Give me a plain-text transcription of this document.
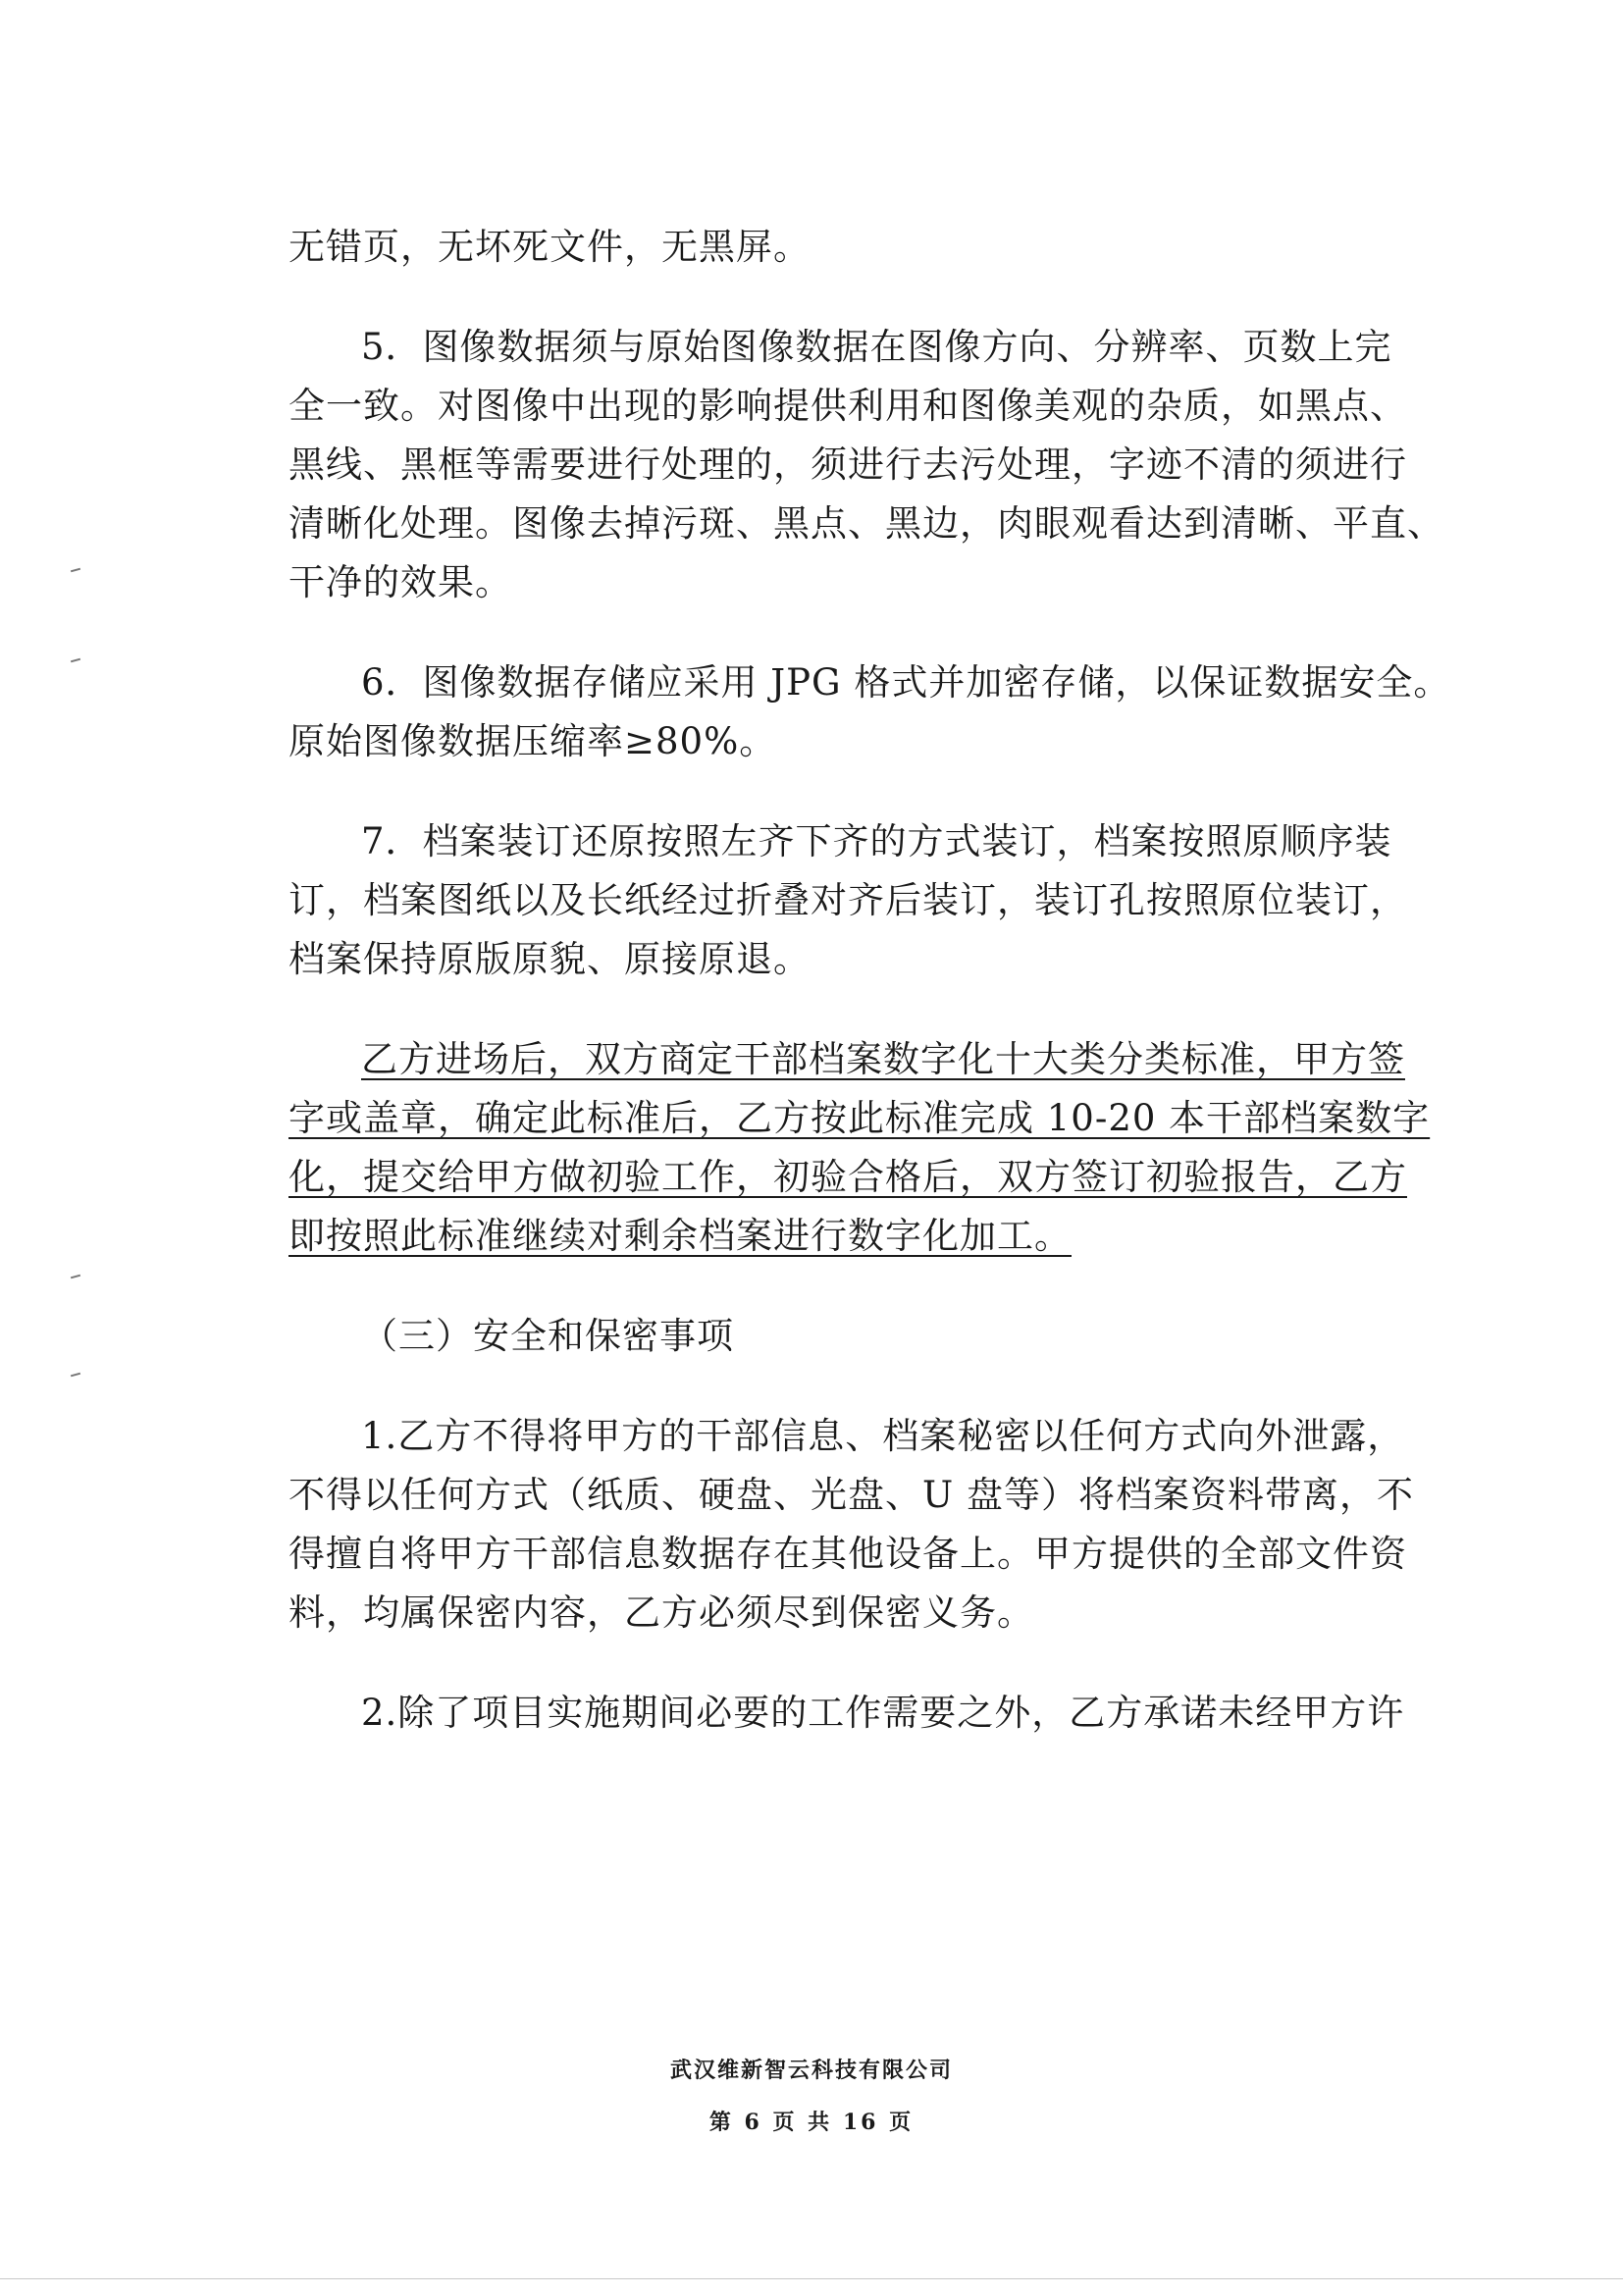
无错页，无坏死文件，无黑屏。
5．图像数据须与原始图像数据在图像方向、分辨率、页数上完
全一致。对图像中出现的影响提供利用和图像美观的杂质，如黑点、
黑线、黑框等需要进行处理的，须进行去污处理，字迹不清的须进行
清晰化处理。图像去掉污斑、黑点、黑边，肉眼观看达到清晰、平直、
干净的效果。
6．图像数据存储应采用 JPG 格式并加密存储，以保证数据安全。
原始图像数据压缩率≥80%。
7．档案装订还原按照左齐下齐的方式装订，档案按照原顺序装
订，档案图纸以及长纸经过折叠对齐后装订，装订孔按照原位装订，
档案保持原版原貌、原接原退。
乙方进场后，双方商定干部档案数字化十大类分类标准，甲方签
字或盖章，确定此标准后，乙方按此标准完成 10-20 本干部档案数字
化，提交给甲方做初验工作，初验合格后，双方签订初验报告，乙方
即按照此标准继续对剩余档案进行数字化加工。
（三）安全和保密事项
1.乙方不得将甲方的干部信息、档案秘密以任何方式向外泄露，
不得以任何方式（纸质、硬盘、光盘、U 盘等）将档案资料带离，不
得擅自将甲方干部信息数据存在其他设备上。甲方提供的全部文件资
料，均属保密内容，乙方必须尽到保密义务。
2.除了项目实施期间必要的工作需要之外，乙方承诺未经甲方许
武汉维新智云科技有限公司
第 6 页 共 16 页
